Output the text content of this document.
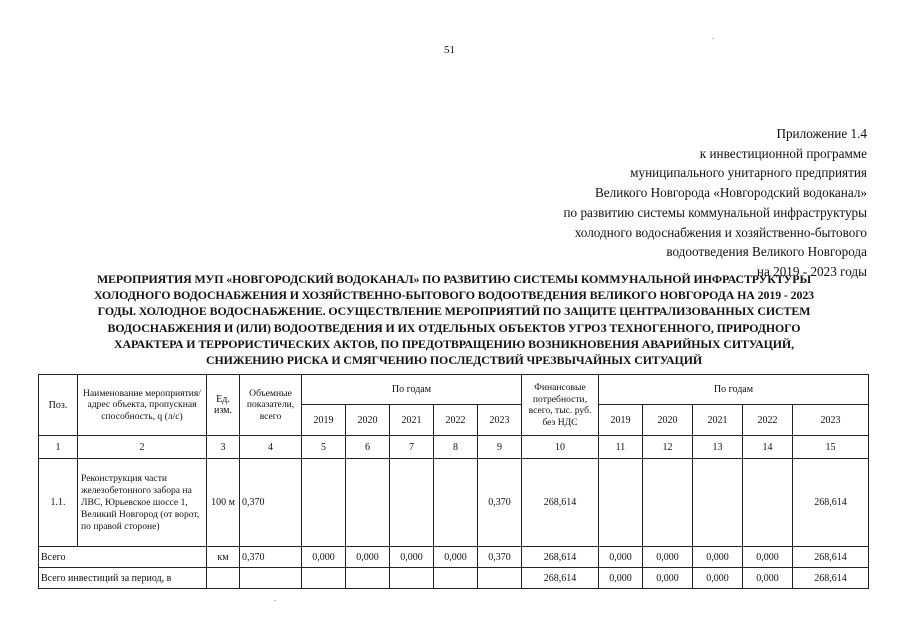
51
Приложение 1.4
к инвестиционной программе
муниципального унитарного предприятия
Великого Новгорода «Новгородский водоканал»
по развитию системы коммунальной инфраструктуры
холодного водоснабжения и хозяйственно-бытового
водоотведения Великого Новгорода
на 2019 - 2023 годы
МЕРОПРИЯТИЯ МУП «НОВГОРОДСКИЙ ВОДОКАНАЛ» ПО РАЗВИТИЮ СИСТЕМЫ КОММУНАЛЬНОЙ ИНФРАСТРУКТУРЫ
ХОЛОДНОГО ВОДОСНАБЖЕНИЯ И ХОЗЯЙСТВЕННО-БЫТОВОГО ВОДООТВЕДЕНИЯ ВЕЛИКОГО НОВГОРОДА НА 2019 - 2023
ГОДЫ. ХОЛОДНОЕ ВОДОСНАБЖЕНИЕ. ОСУЩЕСТВЛЕНИЕ МЕРОПРИЯТИЙ ПО ЗАЩИТЕ ЦЕНТРАЛИЗОВАННЫХ СИСТЕМ
ВОДОСНАБЖЕНИЯ И (ИЛИ) ВОДООТВЕДЕНИЯ И ИХ ОТДЕЛЬНЫХ ОБЪЕКТОВ УГРОЗ ТЕХНОГЕННОГО, ПРИРОДНОГО
ХАРАКТЕРА И ТЕРРОРИСТИЧЕСКИХ АКТОВ, ПО ПРЕДОТВРАЩЕНИЮ ВОЗНИКНОВЕНИЯ АВАРИЙНЫХ СИТУАЦИЙ,
СНИЖЕНИЮ РИСКА И СМЯГЧЕНИЮ ПОСЛЕДСТВИЙ ЧРЕЗВЫЧАЙНЫХ СИТУАЦИЙ
Поз.	Наименование мероприятия/адрес объекта, пропускная способность, q (л/с)	Ед. изм.	Объемные показатели, всего	По годам					Финансовые потребности, всего, тыс. руб. без НДС	По годам				
				2019	2020	2021	2022	2023		2019	2020	2021	2022	2023
1	2	3	4	5	6	7	8	9	10	11	12	13	14	15
1.1.	Реконструкция части железобетонного забора на ЛВС, Юрьевское шоссе 1, Великий Новгород (от ворот, по правой стороне)	100 м	0,370					0,370	268,614					268,614
Всего		км	0,370	0,000	0,000	0,000	0,000	0,370	268,614	0,000	0,000	0,000	0,000	268,614
Всего инвестиций за период, в									268,614	0,000	0,000	0,000	0,000	268,614
